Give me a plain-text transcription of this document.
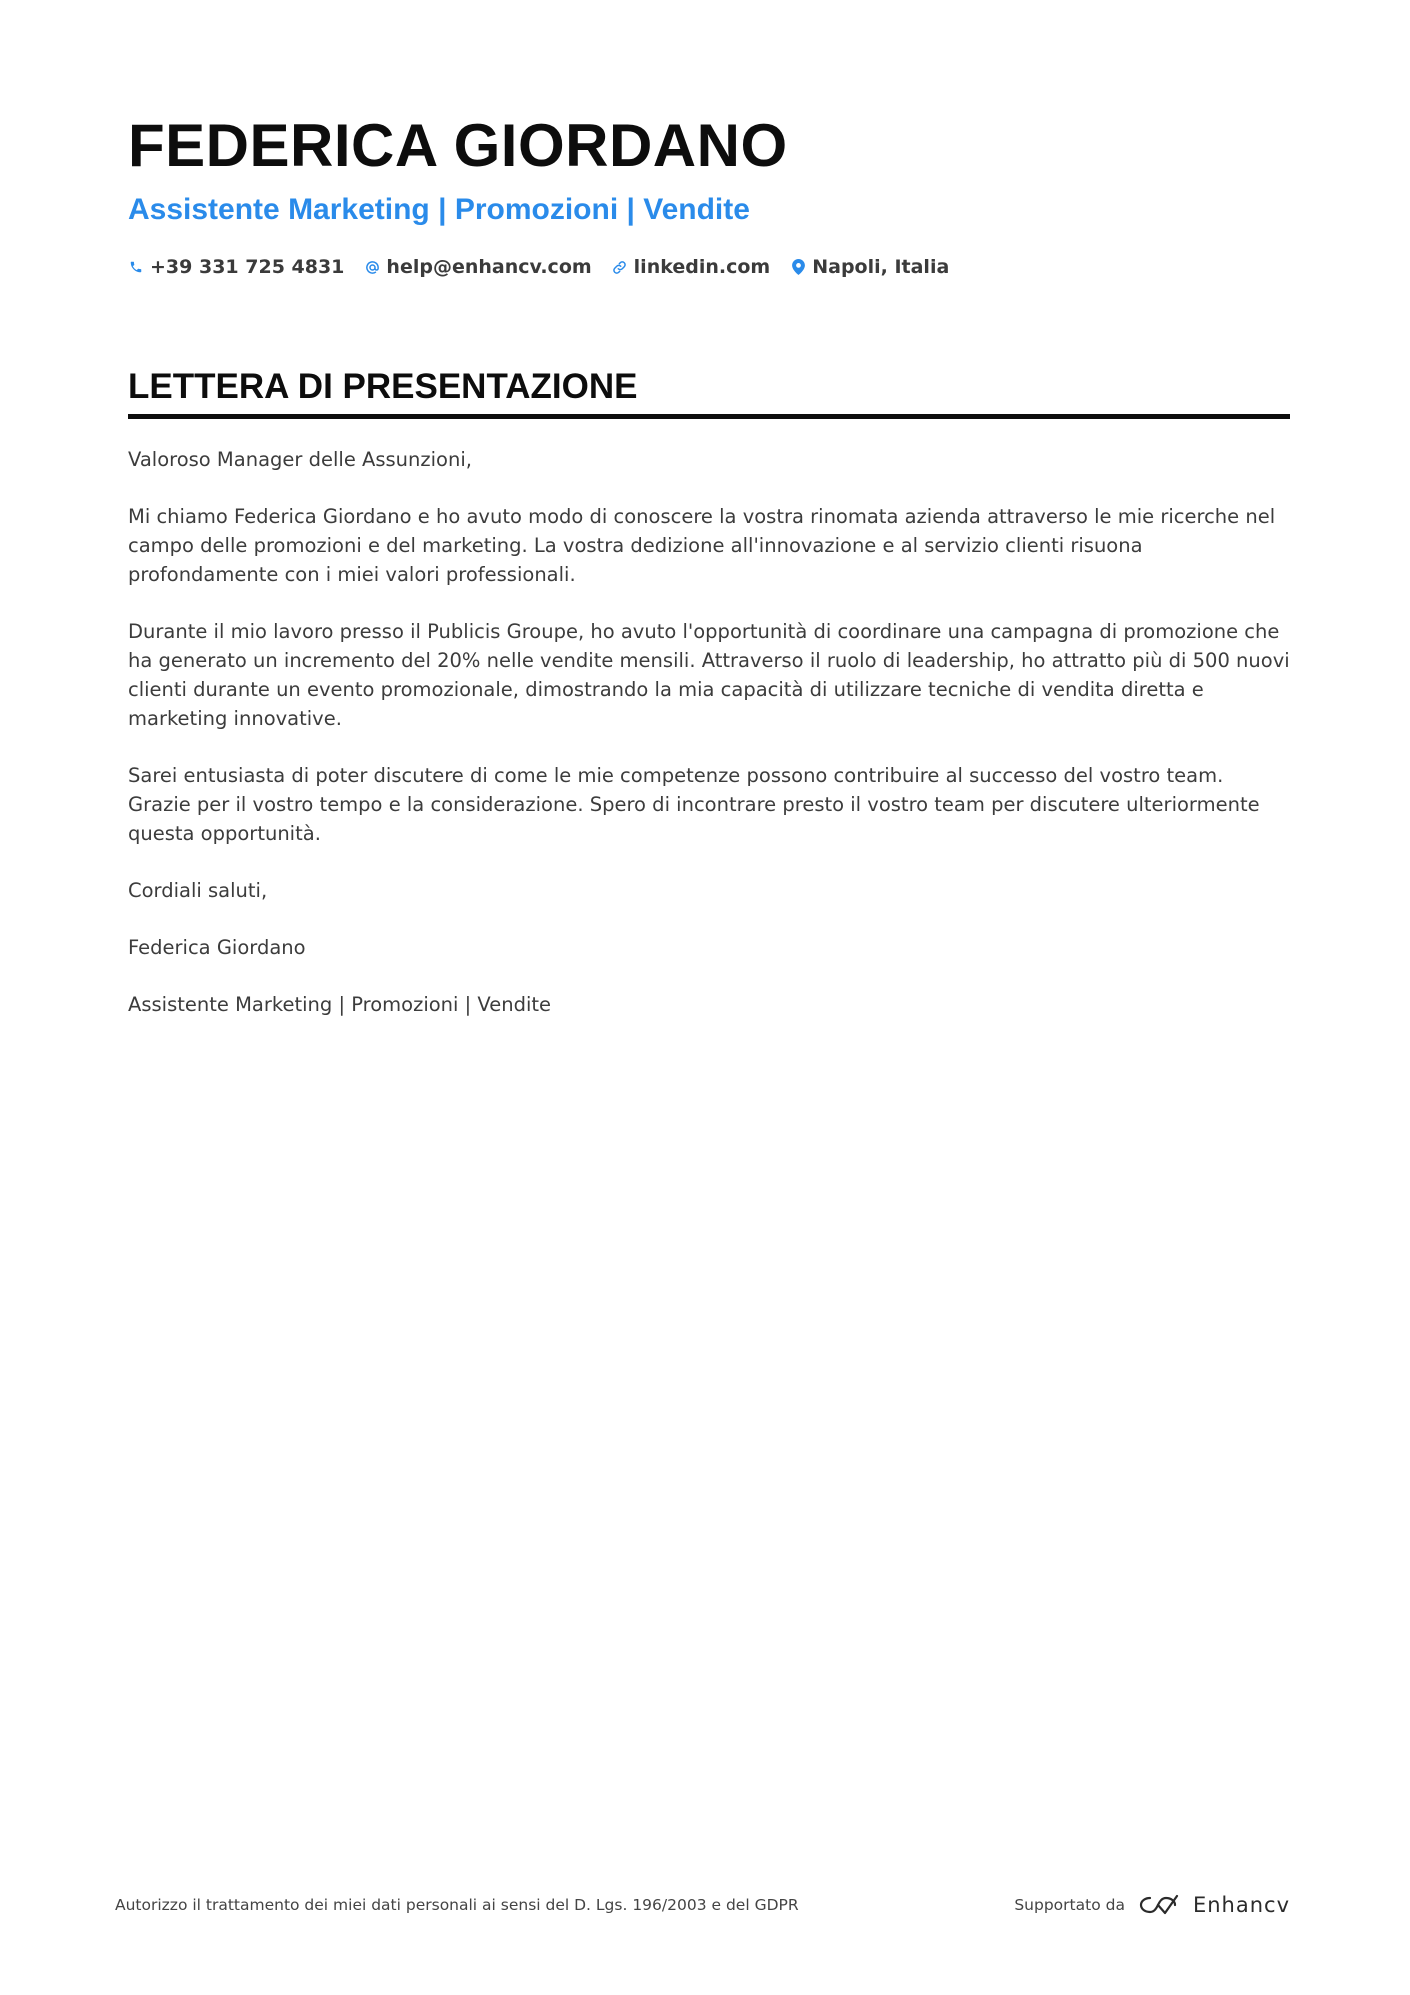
FEDERICA GIORDANO
Assistente Marketing | Promozioni | Vendite
+39 331 725 4831 help@enhancv.com linkedin.com Napoli, Italia
LETTERA DI PRESENTAZIONE

Valoroso Manager delle Assunzioni,

Mi chiamo Federica Giordano e ho avuto modo di conoscere la vostra rinomata azienda attraverso le mie ricerche nel campo delle promozioni e del marketing. La vostra dedizione all'innovazione e al servizio clienti risuona profondamente con i miei valori professionali.

Durante il mio lavoro presso il Publicis Groupe, ho avuto l'opportunità di coordinare una campagna di promozione che ha generato un incremento del 20% nelle vendite mensili. Attraverso il ruolo di leadership, ho attratto più di 500 nuovi clienti durante un evento promozionale, dimostrando la mia capacità di utilizzare tecniche di vendita diretta e marketing innovative.

Sarei entusiasta di poter discutere di come le mie competenze possono contribuire al successo del vostro team. Grazie per il vostro tempo e la considerazione. Spero di incontrare presto il vostro team per discutere ulteriormente questa opportunità.

Cordiali saluti,

Federica Giordano

Assistente Marketing | Promozioni | Vendite

Autorizzo il trattamento dei miei dati personali ai sensi del D. Lgs. 196/2003 e del GDPR	Supportato da	Enhancv
